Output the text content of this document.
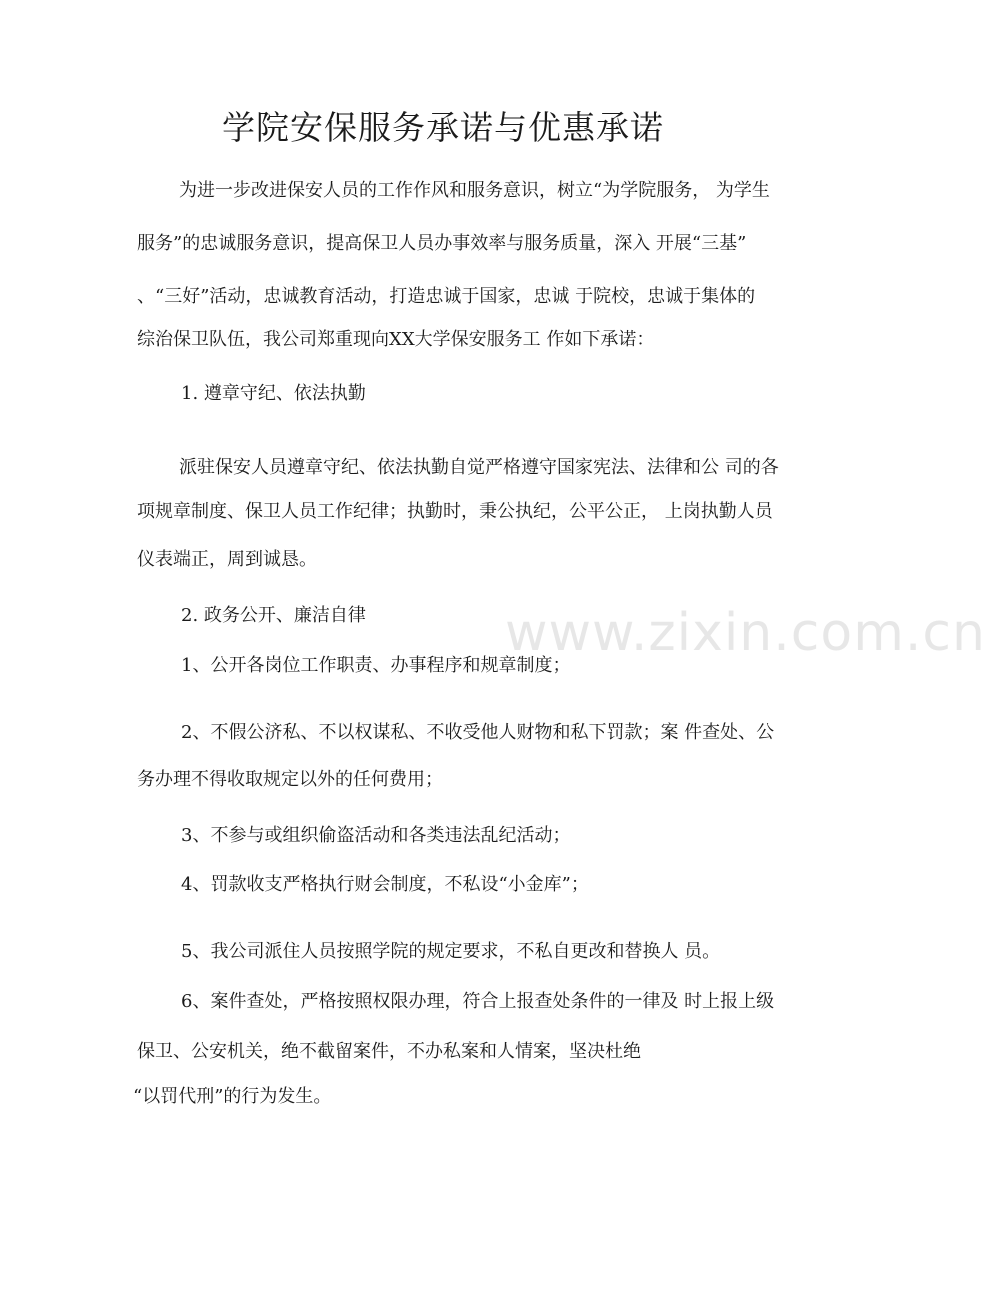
学院安保服务承诺与优惠承诺
为进一步改进保安人员的工作作风和服务意识，树立“为学院服务， 为学生
服务”的忠诚服务意识，提高保卫人员办事效率与服务质量，深入 开展“三基”
、“三好”活动，忠诚教育活动，打造忠诚于国家，忠诚 于院校，忠诚于集体的
综治保卫队伍，我公司郑重现向XX大学保安服务工 作如下承诺：
1. 遵章守纪、依法执勤
派驻保安人员遵章守纪、依法执勤自觉严格遵守国家宪法、法律和公 司的各
项规章制度、保卫人员工作纪律；执勤时，秉公执纪，公平公正， 上岗执勤人员
仪表端正，周到诚恳。
2. 政务公开、廉洁自律
1、公开各岗位工作职责、办事程序和规章制度；
2、不假公济私、不以权谋私、不收受他人财物和私下罚款；案 件查处、公
务办理不得收取规定以外的任何费用；
3、不参与或组织偷盗活动和各类违法乱纪活动；
4、罚款收支严格执行财会制度，不私设“小金库”；
5、我公司派住人员按照学院的规定要求，不私自更改和替换人 员。
6、案件查处，严格按照权限办理，符合上报查处条件的一律及 时上报上级
保卫、公安机关，绝不截留案件，不办私案和人情案，坚决杜绝
“以罚代刑”的行为发生。
www.zixin.com.cn
